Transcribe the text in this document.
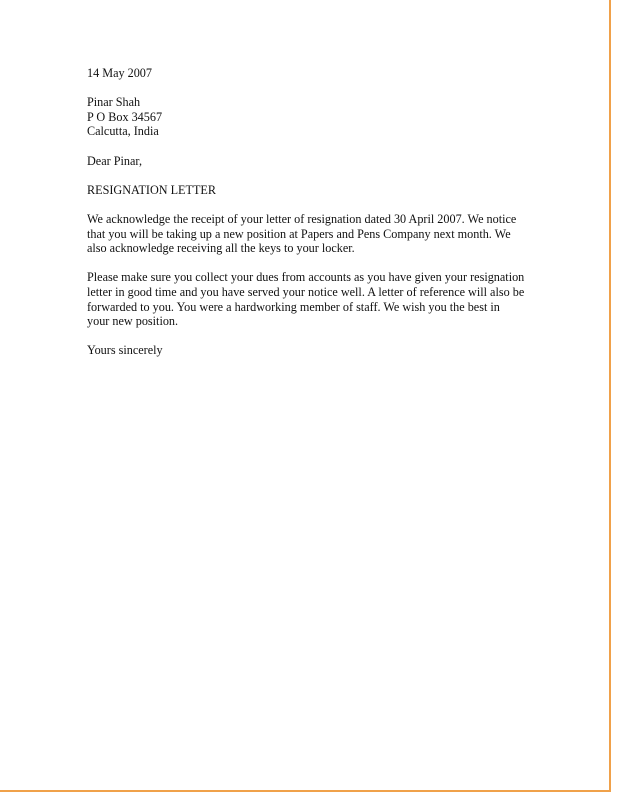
14 May 2007

Pinar Shah
P O Box 34567
Calcutta, India

Dear Pinar,

RESIGNATION LETTER

We acknowledge the receipt of your letter of resignation dated 30 April 2007. We notice
that you will be taking up a new position at Papers and Pens Company next month. We
also acknowledge receiving all the keys to your locker.

Please make sure you collect your dues from accounts as you have given your resignation
letter in good time and you have served your notice well. A letter of reference will also be
forwarded to you. You were a hardworking member of staff. We wish you the best in
your new position.

Yours sincerely
